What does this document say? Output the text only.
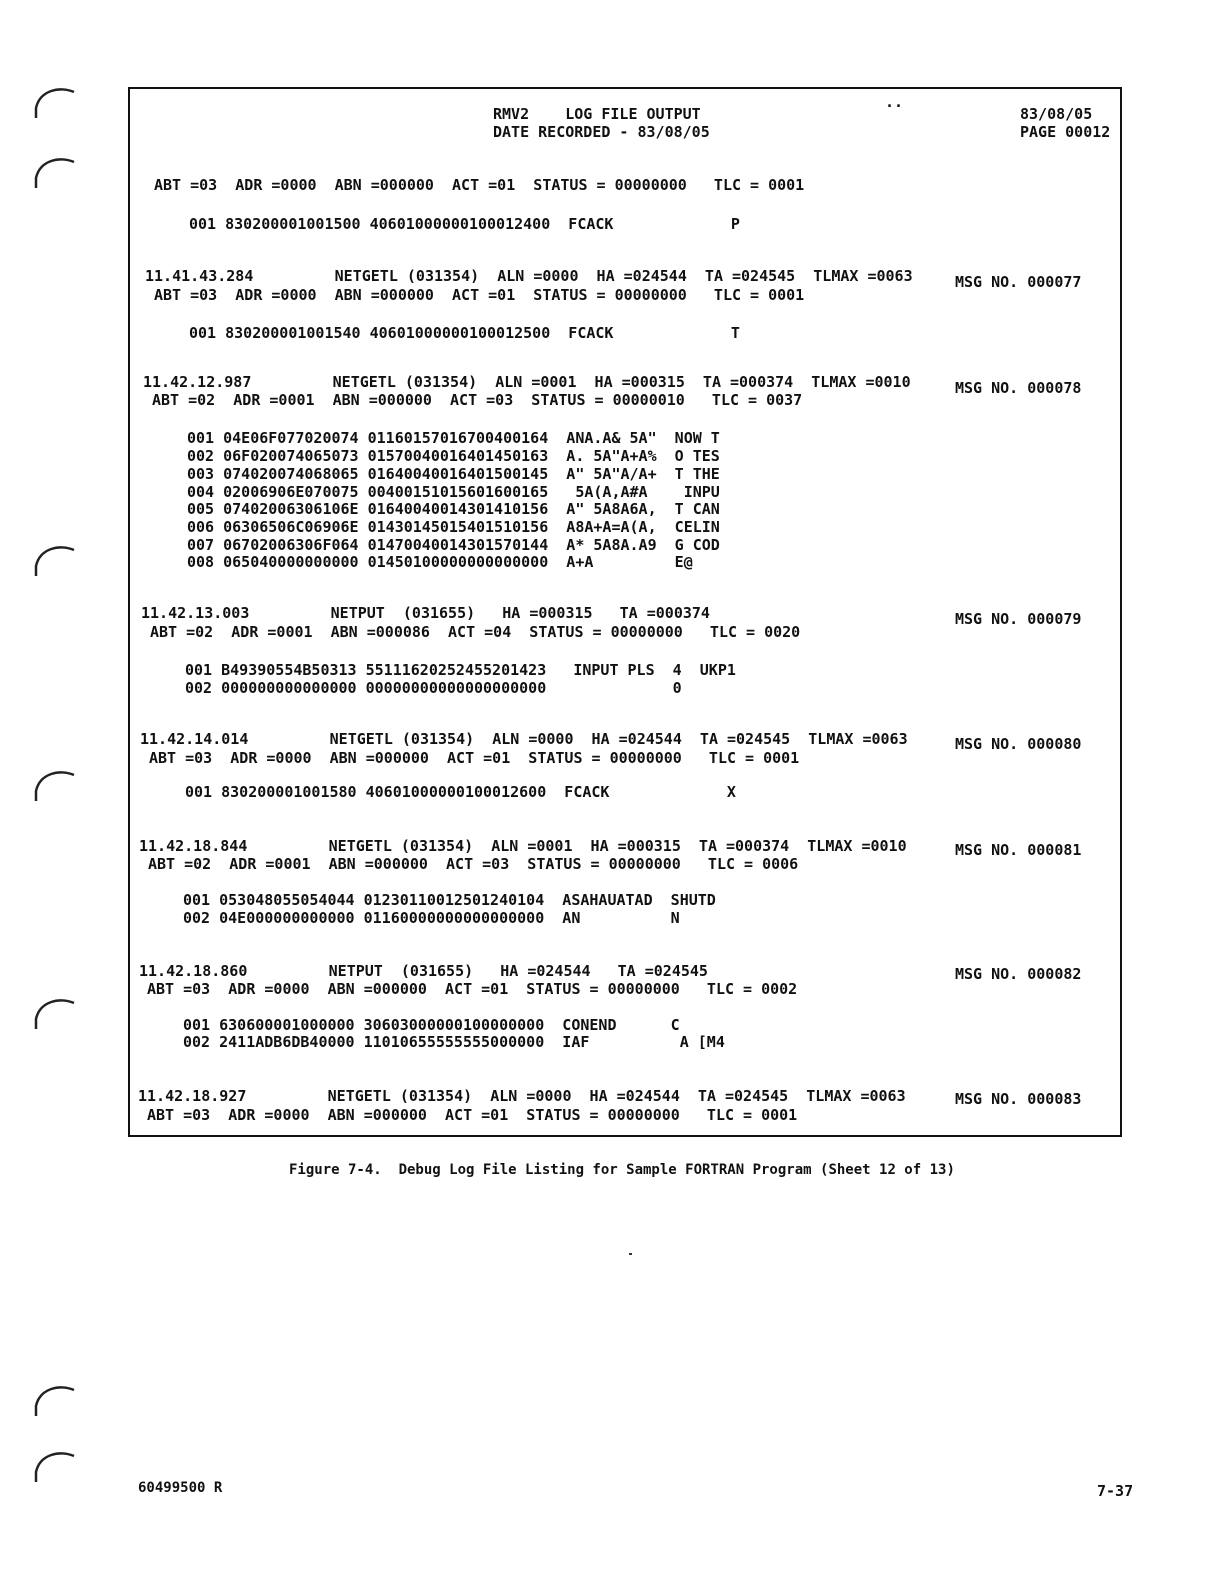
RMV2    LOG FILE OUTPUT
DATE RECORDED - 83/08/05
··	83/08/05
PAGE 00012
ABT =03  ADR =0000  ABN =000000  ACT =01  STATUS = 00000000   TLC = 0001
001 830200001001500 40601000000100012400  FCACK             P
11.41.43.284         NETGETL (031354)  ALN =0000  HA =024544  TA =024545  TLMAX =0063
ABT =03  ADR =0000  ABN =000000  ACT =01  STATUS = 00000000   TLC = 0001
001 830200001001540 40601000000100012500  FCACK             T
11.42.12.987         NETGETL (031354)  ALN =0001  HA =000315  TA =000374  TLMAX =0010
ABT =02  ADR =0001  ABN =000000  ACT =03  STATUS = 00000010   TLC = 0037
001 04E06F077020074 01160157016700400164  ANA.A& 5A"  NOW T
002 06F020074065073 01570040016401450163  A. 5A"A+A%  O TES
003 074020074068065 01640040016401500145  A" 5A"A/A+  T THE
004 02006906E070075 00400151015601600165   5A(A,A#A    INPU
005 07402006306106E 01640040014301410156  A" 5A8A6A,  T CAN
006 06306506C06906E 01430145015401510156  A8A+A=A(A,  CELIN
007 06702006306F064 01470040014301570144  A* 5A8A.A9  G COD
008 065040000000000 01450100000000000000  A+A         E@
11.42.13.003         NETPUT  (031655)   HA =000315   TA =000374
ABT =02  ADR =0001  ABN =000086  ACT =04  STATUS = 00000000   TLC = 0020
001 B49390554B50313 55111620252455201423   INPUT PLS  4  UKP1
002 000000000000000 00000000000000000000              0
11.42.14.014         NETGETL (031354)  ALN =0000  HA =024544  TA =024545  TLMAX =0063
ABT =03  ADR =0000  ABN =000000  ACT =01  STATUS = 00000000   TLC = 0001
001 830200001001580 40601000000100012600  FCACK             X
11.42.18.844         NETGETL (031354)  ALN =0001  HA =000315  TA =000374  TLMAX =0010
ABT =02  ADR =0001  ABN =000000  ACT =03  STATUS = 00000000   TLC = 0006
001 053048055054044 01230110012501240104  ASAHAUATAD  SHUTD
002 04E000000000000 01160000000000000000  AN          N
11.42.18.860         NETPUT  (031655)   HA =024544   TA =024545
ABT =03  ADR =0000  ABN =000000  ACT =01  STATUS = 00000000   TLC = 0002
001 630600001000000 30603000000100000000  CONEND      C
002 2411ADB6DB40000 11010655555555000000  IAF          A [M4
11.42.18.927         NETGETL (031354)  ALN =0000  HA =024544  TA =024545  TLMAX =0063
ABT =03  ADR =0000  ABN =000000  ACT =01  STATUS = 00000000   TLC = 0001
MSG NO. 000077
MSG NO. 000078
MSG NO. 000079
MSG NO. 000080
MSG NO. 000081
MSG NO. 000082
MSG NO. 000083
Figure 7-4.  Debug Log File Listing for Sample FORTRAN Program (Sheet 12 of 13)
60499500 R	7-37
